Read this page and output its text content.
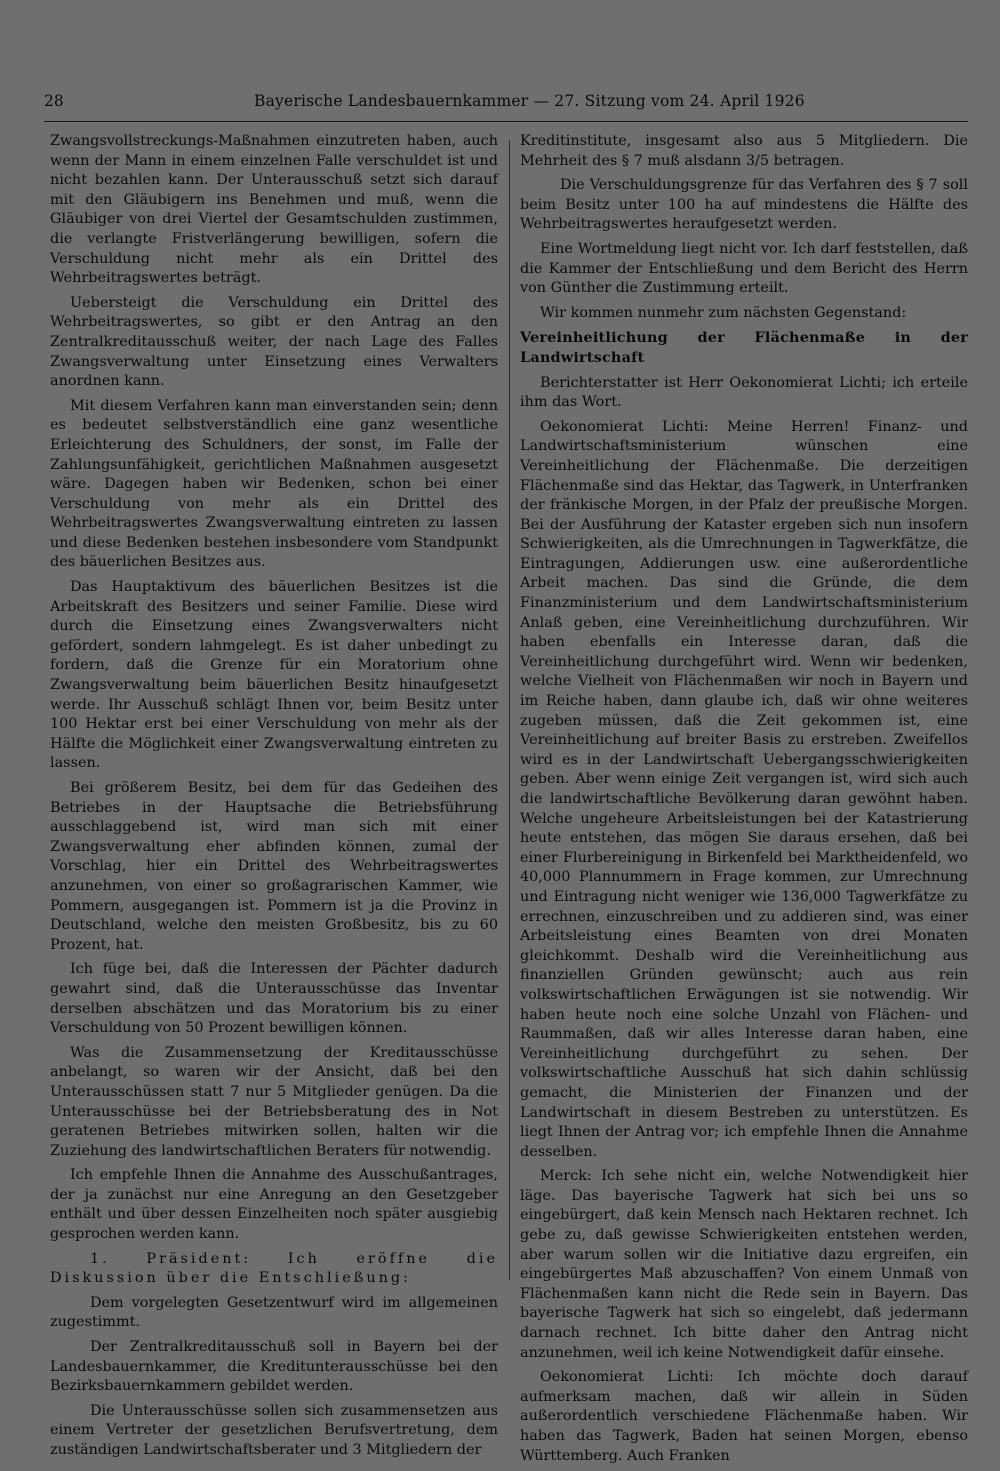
28	Bayerische Landesbauernkammer — 27. Sitzung vom 24. April 1926

Zwangsvollstreckungs-Maßnahmen einzutreten haben, auch wenn der Mann in einem einzelnen Falle verschuldet ist und nicht bezahlen kann. Der Unterausschuß setzt sich darauf mit den Gläubigern ins Benehmen und muß, wenn die Gläubiger von drei Viertel der Gesamtschulden zustimmen, die verlangte Fristverlängerung bewilligen, sofern die Verschuldung nicht mehr als ein Drittel des Wehrbeitragswertes beträgt.

Uebersteigt die Verschuldung ein Drittel des Wehrbeitragswertes, so gibt er den Antrag an den Zentralkreditausschuß weiter, der nach Lage des Falles Zwangsverwaltung unter Einsetzung eines Verwalters anordnen kann.

Mit diesem Verfahren kann man einverstanden sein; denn es bedeutet selbstverständlich eine ganz wesentliche Erleichterung des Schuldners, der sonst, im Falle der Zahlungsunfähigkeit, gerichtlichen Maßnahmen ausgesetzt wäre. Dagegen haben wir Bedenken, schon bei einer Verschuldung von mehr als ein Drittel des Wehrbeitragswertes Zwangsverwaltung eintreten zu lassen und diese Bedenken bestehen insbesondere vom Standpunkt des bäuerlichen Besitzes aus.

Das Hauptaktivum des bäuerlichen Besitzes ist die Arbeitskraft des Besitzers und seiner Familie. Diese wird durch die Einsetzung eines Zwangsverwalters nicht gefördert, sondern lahmgelegt. Es ist daher unbedingt zu fordern, daß die Grenze für ein Moratorium ohne Zwangsverwaltung beim bäuerlichen Besitz hinaufgesetzt werde. Ihr Ausschuß schlägt Ihnen vor, beim Besitz unter 100 Hektar erst bei einer Verschuldung von mehr als der Hälfte die Möglichkeit einer Zwangsverwaltung eintreten zu lassen.

Bei größerem Besitz, bei dem für das Gedeihen des Betriebes in der Hauptsache die Betriebsführung ausschlaggebend ist, wird man sich mit einer Zwangsverwaltung eher abfinden können, zumal der Vorschlag, hier ein Drittel des Wehrbeitragswertes anzunehmen, von einer so großagrarischen Kammer, wie Pommern, ausgegangen ist. Pommern ist ja die Provinz in Deutschland, welche den meisten Großbesitz, bis zu 60 Prozent, hat.

Ich füge bei, daß die Interessen der Pächter dadurch gewahrt sind, daß die Unterausschüsse das Inventar derselben abschätzen und das Moratorium bis zu einer Verschuldung von 50 Prozent bewilligen können.

Was die Zusammensetzung der Kreditausschüsse anbelangt, so waren wir der Ansicht, daß bei den Unterausschüssen statt 7 nur 5 Mitglieder genügen. Da die Unterausschüsse bei der Betriebsberatung des in Not geratenen Betriebes mitwirken sollen, halten wir die Zuziehung des landwirtschaftlichen Beraters für notwendig.

Ich empfehle Ihnen die Annahme des Ausschußantrages, der ja zunächst nur eine Anregung an den Gesetzgeber enthält und über dessen Einzelheiten noch später ausgiebig gesprochen werden kann.

1. Präsident: Ich eröffne die Diskussion über die Entschließung:

Dem vorgelegten Gesetzentwurf wird im allgemeinen zugestimmt.

Der Zentralkreditausschuß soll in Bayern bei der Landesbauernkammer, die Kreditunterausschüsse bei den Bezirksbauernkammern gebildet werden.

Die Unterausschüsse sollen sich zusammensetzen aus einem Vertreter der gesetzlichen Berufsvertretung, dem zuständigen Landwirtschaftsberater und 3 Mitgliedern der

Kreditinstitute, insgesamt also aus 5 Mitgliedern. Die Mehrheit des § 7 muß alsdann 3/5 betragen.

Die Verschuldungsgrenze für das Verfahren des § 7 soll beim Besitz unter 100 ha auf mindestens die Hälfte des Wehrbeitragswertes heraufgesetzt werden.

Eine Wortmeldung liegt nicht vor. Ich darf feststellen, daß die Kammer der Entschließung und dem Bericht des Herrn von Günther die Zustimmung erteilt.

Wir kommen nunmehr zum nächsten Gegenstand:

Vereinheitlichung der Flächenmaße in der Landwirtschaft

Berichterstatter ist Herr Oekonomierat Lichti; ich erteile ihm das Wort.

Oekonomierat Lichti: Meine Herren! Finanz- und Landwirtschaftsministerium wünschen eine Vereinheitlichung der Flächenmaße. Die derzeitigen Flächenmaße sind das Hektar, das Tagwerk, in Unterfranken der fränkische Morgen, in der Pfalz der preußische Morgen. Bei der Ausführung der Kataster ergeben sich nun insofern Schwierigkeiten, als die Umrechnungen in Tagwerkfätze, die Eintragungen, Addierungen usw. eine außerordentliche Arbeit machen. Das sind die Gründe, die dem Finanzministerium und dem Landwirtschaftsministerium Anlaß geben, eine Vereinheitlichung durchzuführen. Wir haben ebenfalls ein Interesse daran, daß die Vereinheitlichung durchgeführt wird. Wenn wir bedenken, welche Vielheit von Flächenmaßen wir noch in Bayern und im Reiche haben, dann glaube ich, daß wir ohne weiteres zugeben müssen, daß die Zeit gekommen ist, eine Vereinheitlichung auf breiter Basis zu erstreben. Zweifellos wird es in der Landwirtschaft Uebergangsschwierigkeiten geben. Aber wenn einige Zeit vergangen ist, wird sich auch die landwirtschaftliche Bevölkerung daran gewöhnt haben. Welche ungeheure Arbeitsleistungen bei der Katastrierung heute entstehen, das mögen Sie daraus ersehen, daß bei einer Flurbereinigung in Birkenfeld bei Marktheidenfeld, wo 40,000 Plannummern in Frage kommen, zur Umrechnung und Eintragung nicht weniger wie 136,000 Tagwerkfätze zu errechnen, einzuschreiben und zu addieren sind, was einer Arbeitsleistung eines Beamten von drei Monaten gleichkommt. Deshalb wird die Vereinheitlichung aus finanziellen Gründen gewünscht; auch aus rein volkswirtschaftlichen Erwägungen ist sie notwendig. Wir haben heute noch eine solche Unzahl von Flächen- und Raummaßen, daß wir alles Interesse daran haben, eine Vereinheitlichung durchgeführt zu sehen. Der volkswirtschaftliche Ausschuß hat sich dahin schlüssig gemacht, die Ministerien der Finanzen und der Landwirtschaft in diesem Bestreben zu unterstützen. Es liegt Ihnen der Antrag vor; ich empfehle Ihnen die Annahme desselben.

Merck: Ich sehe nicht ein, welche Notwendigkeit hier läge. Das bayerische Tagwerk hat sich bei uns so eingebürgert, daß kein Mensch nach Hektaren rechnet. Ich gebe zu, daß gewisse Schwierigkeiten entstehen werden, aber warum sollen wir die Initiative dazu ergreifen, ein eingebürgertes Maß abzuschaffen? Von einem Unmaß von Flächenmaßen kann nicht die Rede sein in Bayern. Das bayerische Tagwerk hat sich so eingelebt, daß jedermann darnach rechnet. Ich bitte daher den Antrag nicht anzunehmen, weil ich keine Notwendigkeit dafür einsehe.

Oekonomierat Lichti: Ich möchte doch darauf aufmerksam machen, daß wir allein in Süden außerordentlich verschiedene Flächenmaße haben. Wir haben das Tagwerk, Baden hat seinen Morgen, ebenso Württemberg. Auch Franken
